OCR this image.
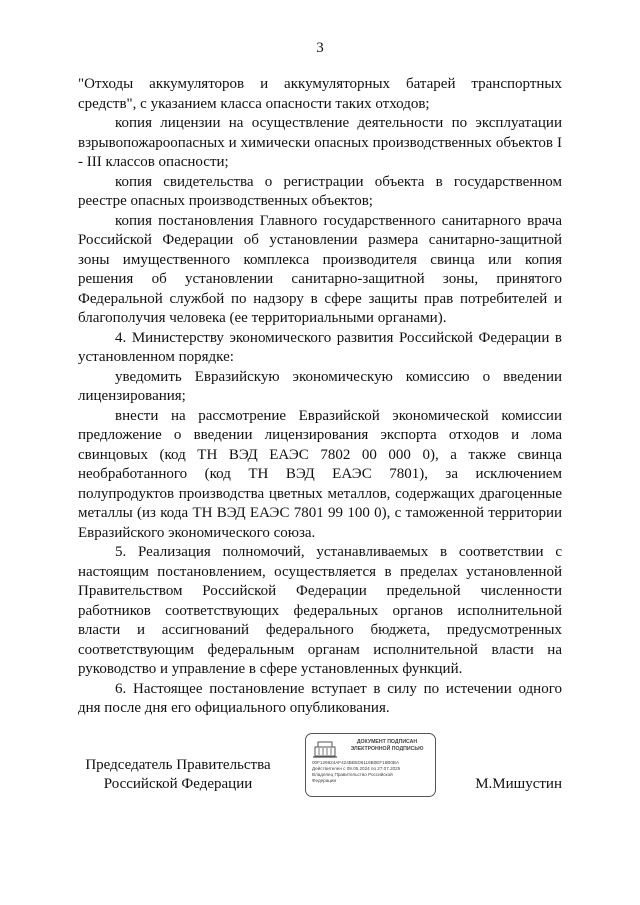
3

"Отходы аккумуляторов и аккумуляторных батарей транспортных средств", с указанием класса опасности таких отходов;

копия лицензии на осуществление деятельности по эксплуатации взрывопожароопасных и химически опасных производственных объектов I - III классов опасности;

копия свидетельства о регистрации объекта в государственном реестре опасных производственных объектов;

копия постановления Главного государственного санитарного врача Российской Федерации об установлении размера санитарно-защитной зоны имущественного комплекса производителя свинца или копия решения об установлении санитарно-защитной зоны, принятого Федеральной службой по надзору в сфере защиты прав потребителей и благополучия человека (ее территориальными органами).

4. Министерству экономического развития Российской Федерации в установленном порядке:

уведомить Евразийскую экономическую комиссию о введении лицензирования;

внести на рассмотрение Евразийской экономической комиссии предложение о введении лицензирования экспорта отходов и лома свинцовых (код ТН ВЭД ЕАЭС 7802 00 000 0), а также свинца необработанного (код ТН ВЭД ЕАЭС 7801), за исключением полупродуктов производства цветных металлов, содержащих драгоценные металлы (из кода ТН ВЭД ЕАЭС 7801 99 100 0), с таможенной территории Евразийского экономического союза.

5. Реализация полномочий, устанавливаемых в соответствии с настоящим постановлением, осуществляется в пределах установленной Правительством Российской Федерации предельной численности работников соответствующих федеральных органов исполнительной власти и ассигнований федерального бюджета, предусмотренных соответствующим федеральным органам исполнительной власти на руководство и управление в сфере установленных функций.

6. Настоящее постановление вступает в силу по истечении одного дня после дня его официального опубликования.

Председатель Правительства
Российской Федерации
ДОКУМЕНТ ПОДПИСАН
ЭЛЕКТРОННОЙ ПОДПИСЬЮ
00F129824AF424BB5D6116B0EF16B0BA
Действителен с 09.05.2024 по 27.07.2025
Владелец Правительство Российской
Федерации	М.Мишустин
